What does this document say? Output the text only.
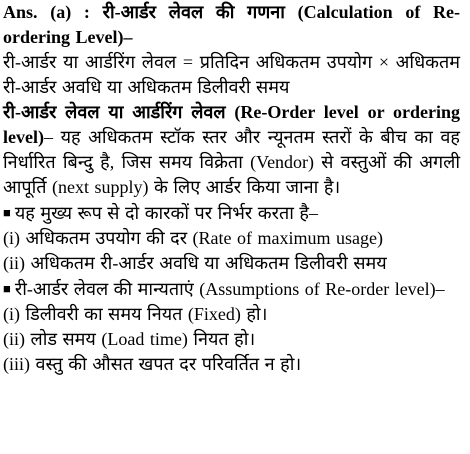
Ans. (a) : री-आर्डर लेवल की गणना (Calculation of Re-ordering Level)–

री-आर्डर या आर्डरिंग लेवल = प्रतिदिन अधिकतम उपयोग × अधिकतम री-आर्डर अवधि या अधिकतम डिलीवरी समय

री-आर्डर लेवल या आर्डरिंग लेवल (Re-Order level or ordering level)– यह अधिकतम स्टॉक स्तर और न्यूनतम स्तरों के बीच का वह निर्धारित बिन्दु है, जिस समय विक्रेता (Vendor) से वस्तुओं की अगली आपूर्ति (next supply) के लिए आर्डर किया जाना है।

■ यह मुख्य रूप से दो कारकों पर निर्भर करता है–

(i) अधिकतम उपयोग की दर (Rate of maximum usage)

(ii) अधिकतम री-आर्डर अवधि या अधिकतम डिलीवरी समय

■ री-आर्डर लेवल की मान्यताएं (Assumptions of Re-order level)–

(i) डिलीवरी का समय नियत (Fixed) हो।

(ii) लोड समय (Load time) नियत हो।

(iii) वस्तु की औसत खपत दर परिवर्तित न हो।
